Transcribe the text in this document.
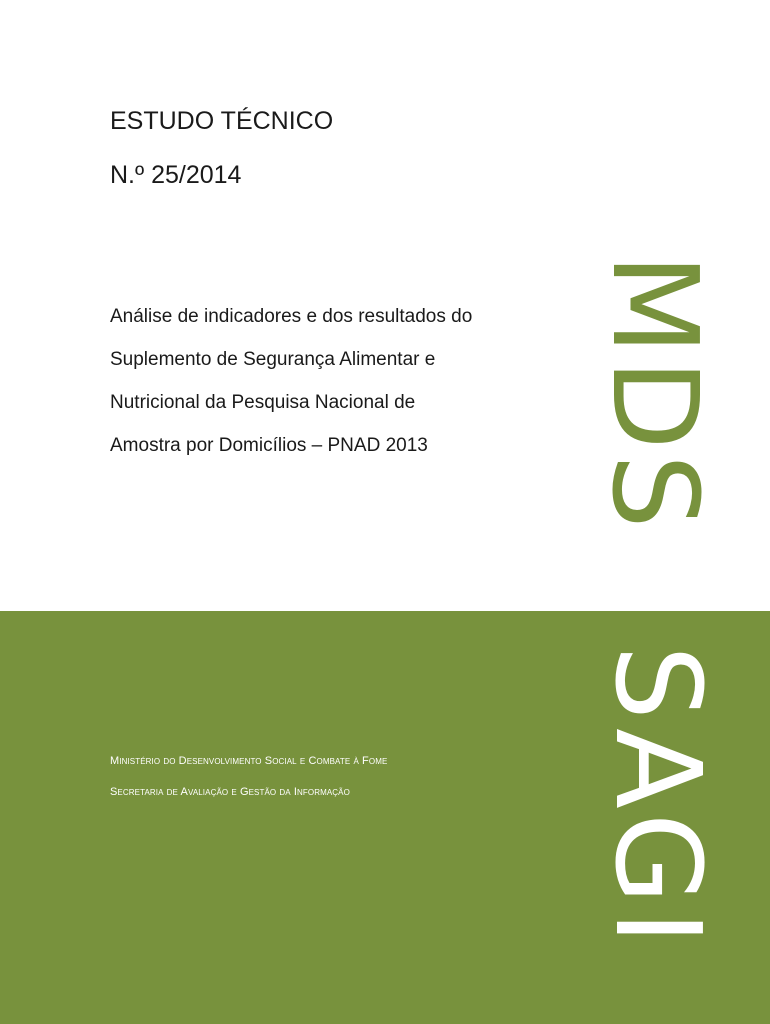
ESTUDO TÉCNICO
N.º 25/2014
Análise de indicadores e dos resultados do
Suplemento de Segurança Alimentar e
Nutricional da Pesquisa Nacional de
Amostra por Domicílios – PNAD 2013	MDS
SAGI
Ministério do Desenvolvimento Social e Combate à Fome
Secretaria de Avaliação e Gestão da Informação
